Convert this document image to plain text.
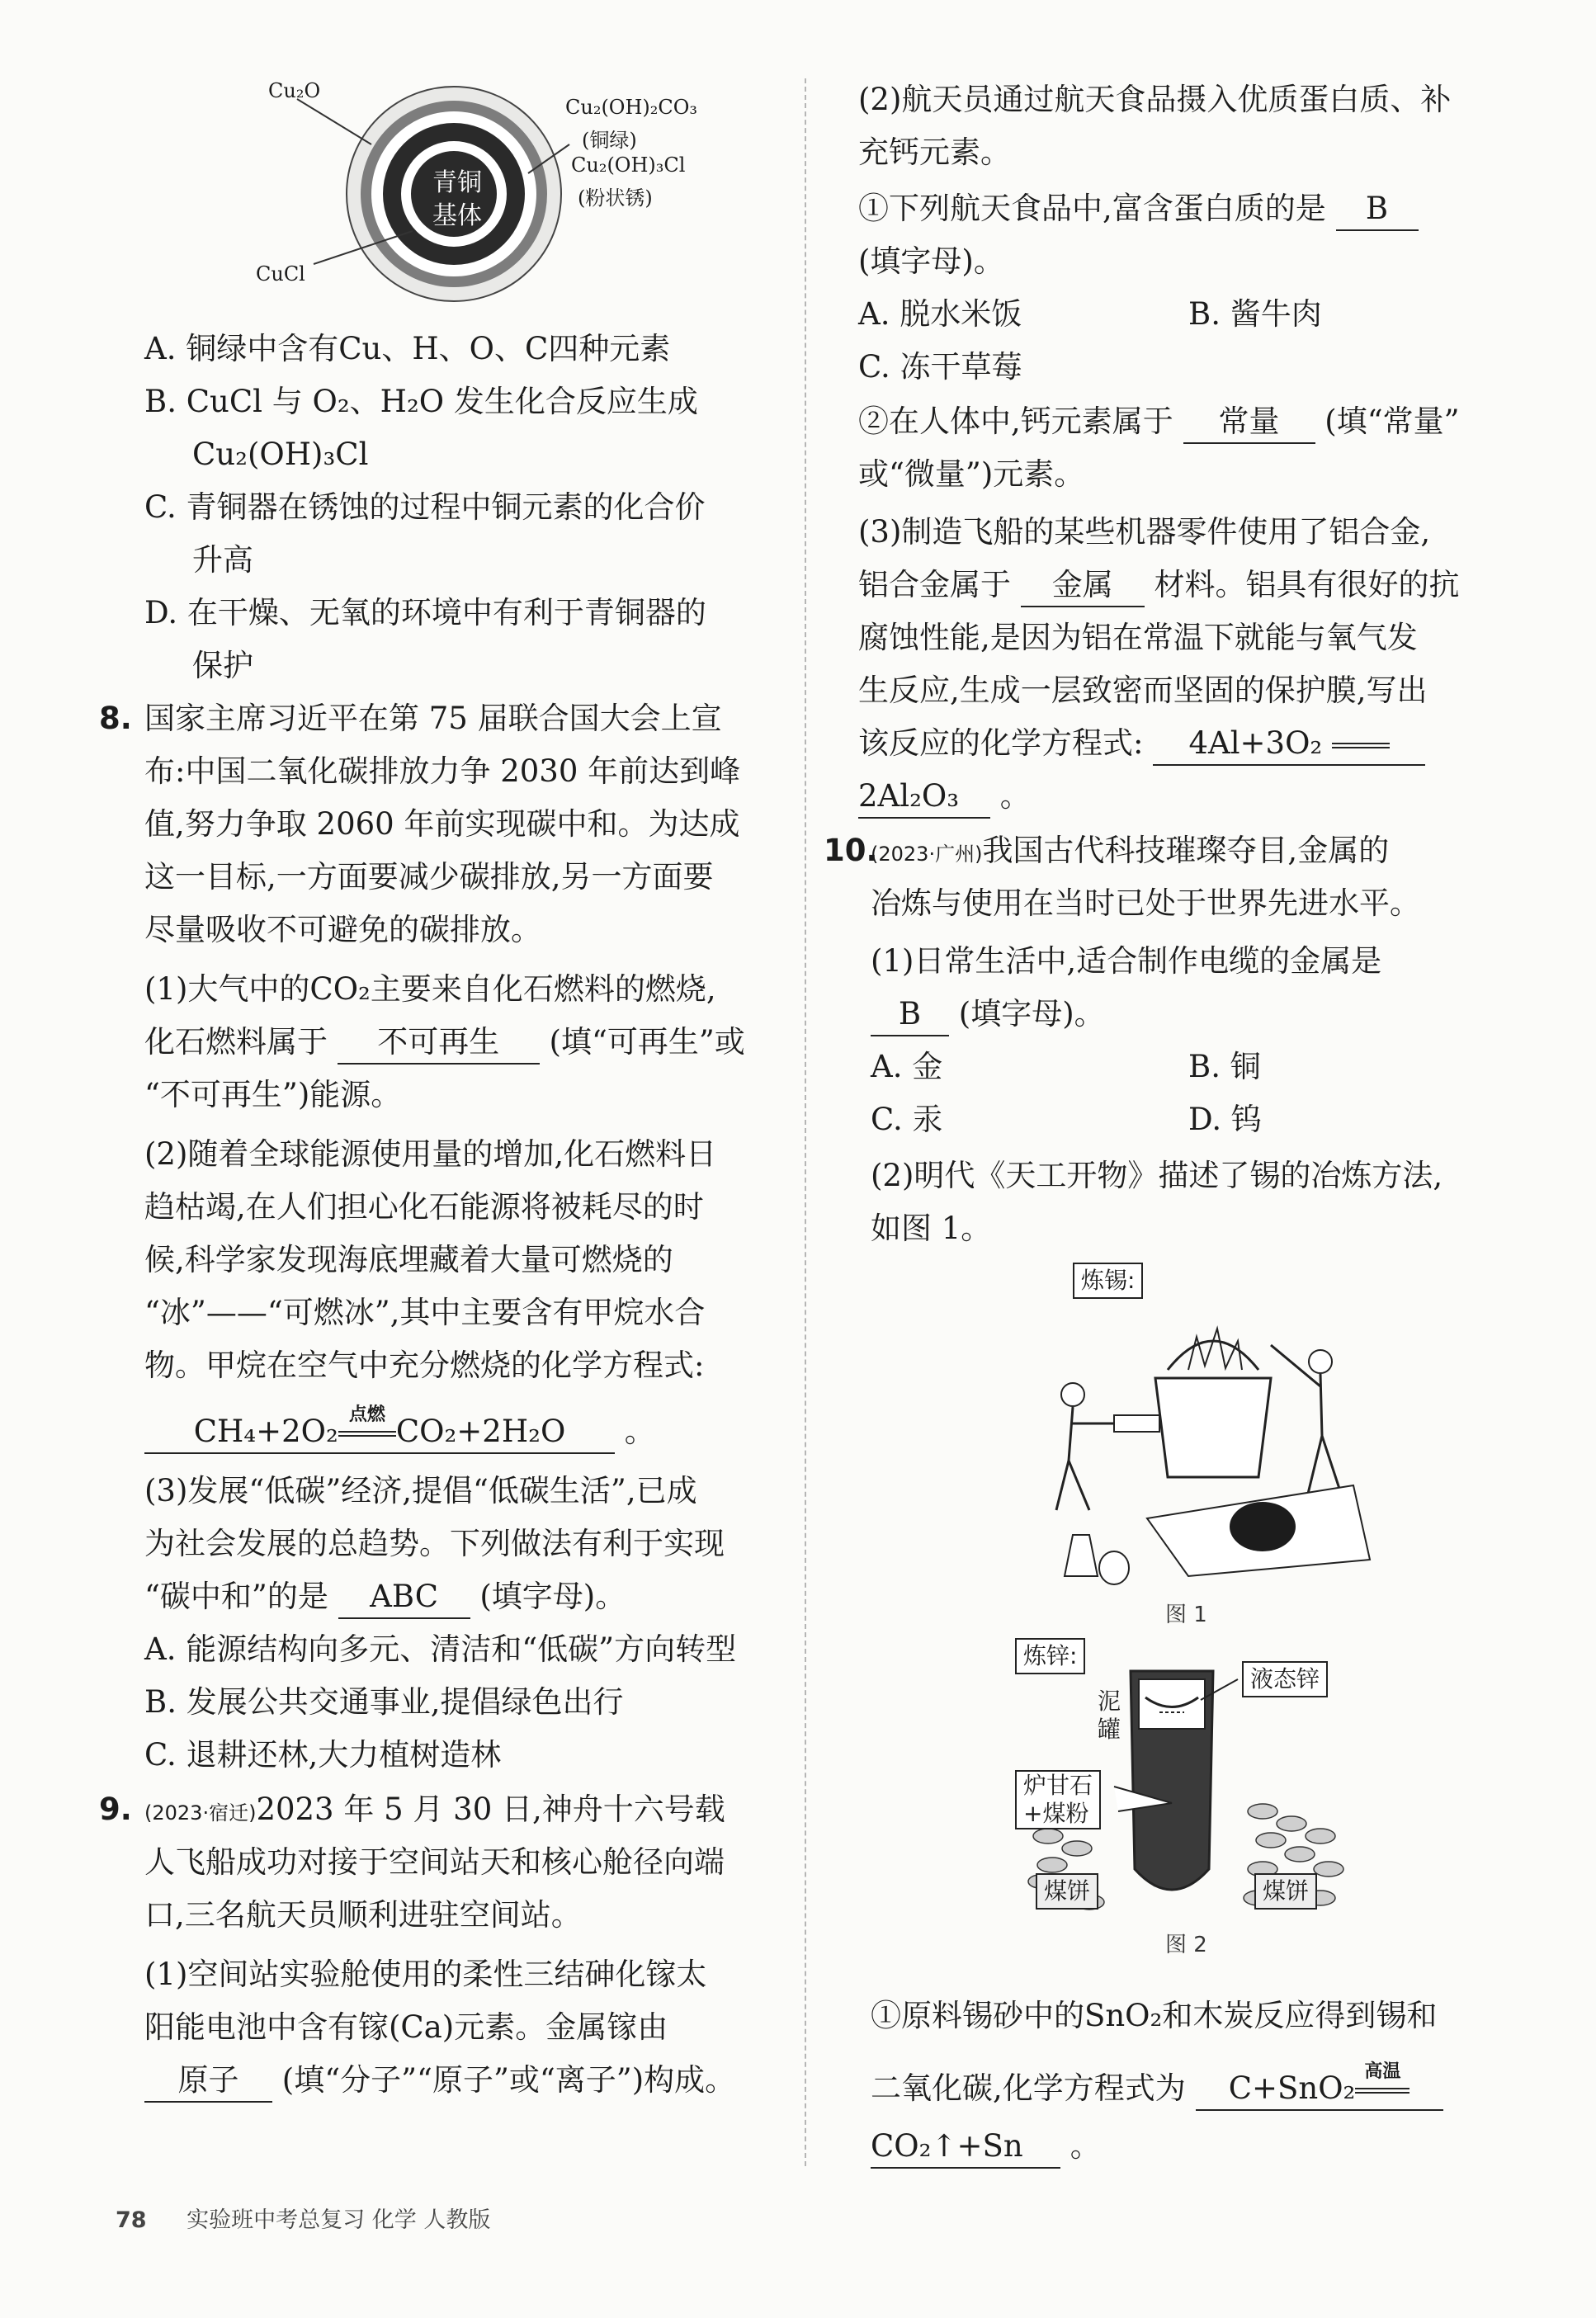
青铜
基体
Cu₂O
CuCl
Cu₂(OH)₂CO₃
(铜绿)
Cu₂(OH)₃Cl
(粉状锈)
A. 铜绿中含有Cu、H、O、C四种元素
B. CuCl 与 O₂、H₂O 发生化合反应生成
Cu₂(OH)₃Cl
C. 青铜器在锈蚀的过程中铜元素的化合价
升高
D. 在干燥、无氧的环境中有利于青铜器的
保护
8. 国家主席习近平在第 75 届联合国大会上宣
布:中国二氧化碳排放力争 2030 年前达到峰
值,努力争取 2060 年前实现碳中和。为达成
这一目标,一方面要减少碳排放,另一方面要
尽量吸收不可避免的碳排放。
(1)大气中的CO₂主要来自化石燃料的燃烧,
化石燃料属于 不可再生 (填“可再生”或
“不可再生”)能源。
(2)随着全球能源使用量的增加,化石燃料日
趋枯竭,在人们担心化石能源将被耗尽的时
候,科学家发现海底埋藏着大量可燃烧的
“冰”——“可燃冰”,其中主要含有甲烷水合
物。甲烷在空气中充分燃烧的化学方程式:
CH₄+2O₂ 点燃 CO₂+2H₂O 。
(3)发展“低碳”经济,提倡“低碳生活”,已成
为社会发展的总趋势。下列做法有利于实现
“碳中和”的是 ABC (填字母)。
A. 能源结构向多元、清洁和“低碳”方向转型
B. 发展公共交通事业,提倡绿色出行
C. 退耕还林,大力植树造林
9. (2023·宿迁)2023 年 5 月 30 日,神舟十六号载
人飞船成功对接于空间站天和核心舱径向端
口,三名航天员顺利进驻空间站。
(1)空间站实验舱使用的柔性三结砷化镓太
阳能电池中含有镓(Ca)元素。金属镓由
原子 (填“分子”“原子”或“离子”)构成。
(2)航天员通过航天食品摄入优质蛋白质、补
充钙元素。
①下列航天食品中,富含蛋白质的是 B
(填字母)。
A. 脱水米饭	B. 酱牛肉
C. 冻干草莓
②在人体中,钙元素属于 常量 (填“常量”
或“微量”)元素。
(3)制造飞船的某些机器零件使用了铝合金,
铝合金属于 金属 材料。铝具有很好的抗
腐蚀性能,是因为铝在常温下就能与氧气发
生反应,生成一层致密而坚固的保护膜,写出
该反应的化学方程式: 4Al+3O₂
2Al₂O₃ 。
10.
(2023·广州)我国古代科技璀璨夺目,金属的
冶炼与使用在当时已处于世界先进水平。
(1)日常生活中,适合制作电缆的金属是
B (填字母)。
A. 金	B. 铜
C. 汞	D. 钨
(2)明代《天工开物》描述了锡的冶炼方法,
如图 1。
炼锡:
图 1
炼锌:
液态锌
泥罐
炉甘石
+煤粉
煤饼	煤饼
图 2
①原料锡砂中的SnO₂和木炭反应得到锡和
二氧化碳,化学方程式为 C+SnO₂ 高温
CO₂↑+Sn 。
78 实验班中考总复习 化学 人教版
